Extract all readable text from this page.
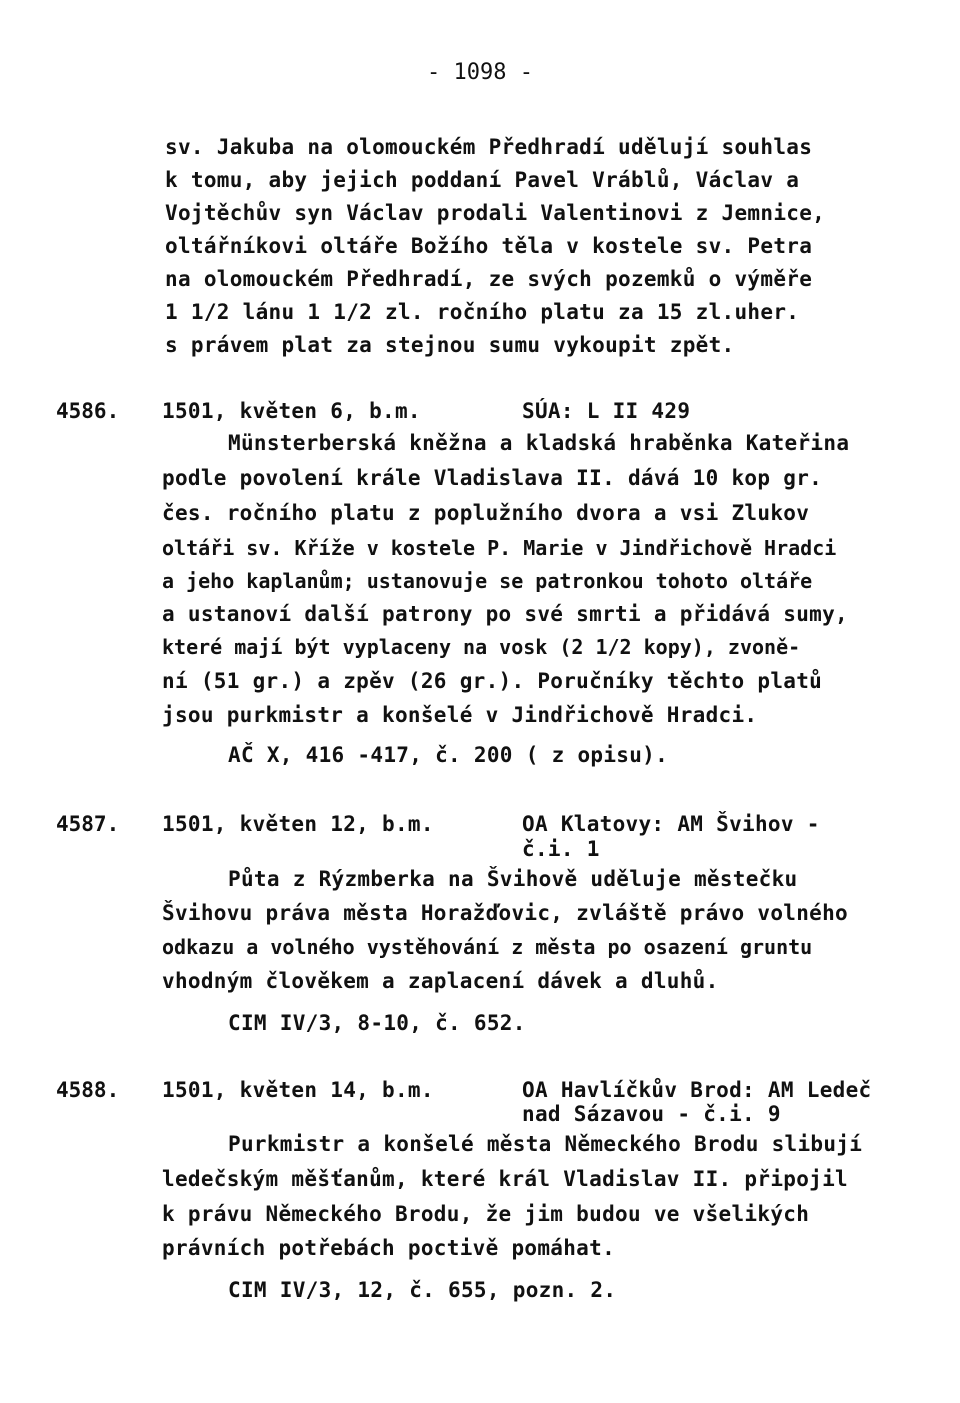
- 1098 -
sv. Jakuba na olomouckém Předhradí udělují souhlas
k tomu, aby jejich poddaní Pavel Vráblů, Václav a
Vojtěchův syn Václav prodali Valentinovi z Jemnice,
oltářníkovi oltáře Božího těla v kostele sv. Petra
na olomouckém Předhradí, ze svých pozemků o výměře
1 1/2 lánu 1 1/2 zl. ročního platu za 15 zl.uher.
s právem plat za stejnou sumu vykoupit zpět.
4586. 1501, květen 6, b.m.	SÚA: L II 429
Münsterberská kněžna a kladská hraběnka Kateřina
podle povolení krále Vladislava II. dává 10 kop gr.
čes. ročního platu z poplužního dvora a vsi Zlukov
oltáři sv. Kříže v kostele P. Marie v Jindřichově Hradci
a jeho kaplanům; ustanovuje se patronkou tohoto oltáře
a ustanoví další patrony po své smrti a přidává sumy,
které mají být vyplaceny na vosk (2 1/2 kopy), zvoně-
ní (51 gr.) a zpěv (26 gr.). Poručníky těchto platů
jsou purkmistr a konšelé v Jindřichově Hradci.
AČ X, 416 -417, č. 200 ( z opisu).
4587. 1501, květen 12, b.m.	OA Klatovy: AM Švihov -
č.i. 1
Půta z Rýzmberka na Švihově uděluje městečku
Švihovu práva města Horažďovic, zvláště právo volného
odkazu a volného vystěhování z města po osazení gruntu
vhodným člověkem a zaplacení dávek a dluhů.
CIM IV/3, 8-10, č. 652.
4588. 1501, květen 14, b.m.	OA Havlíčkův Brod: AM Ledeč
nad Sázavou - č.i. 9
Purkmistr a konšelé města Německého Brodu slibují
ledečským měšťanům, které král Vladislav II. připojil
k právu Německého Brodu, že jim budou ve všelikých
právních potřebách poctivě pomáhat.
CIM IV/3, 12, č. 655, pozn. 2.
